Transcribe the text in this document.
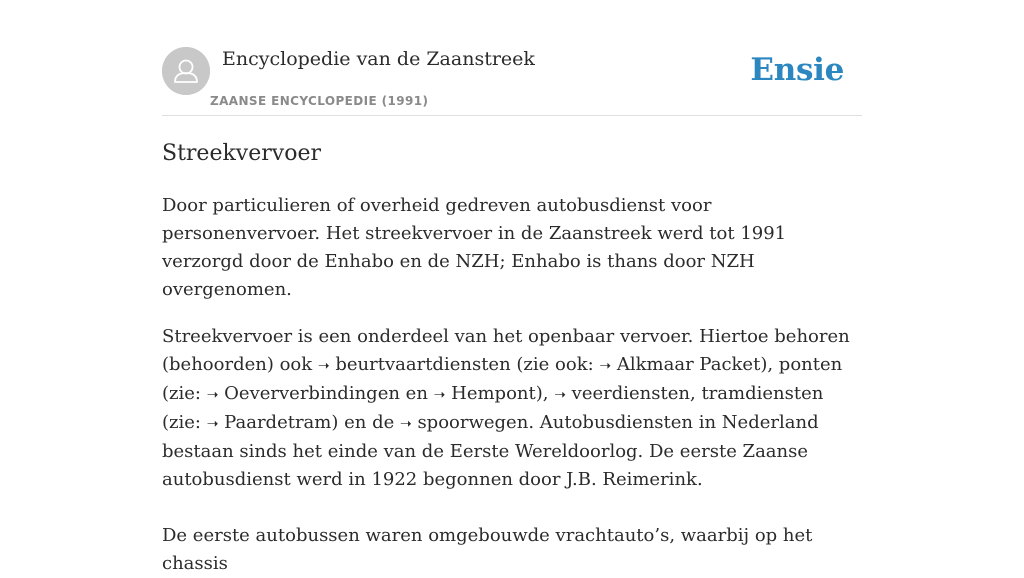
Encyclopedie van de Zaanstreek
ZAANSE ENCYCLOPEDIE (1991)
Ensie
Streekvervoer

Door particulieren of overheid gedreven autobusdienst voor personenvervoer. Het streekvervoer in de Zaanstreek werd tot 1991 verzorgd door de Enhabo en de NZH; Enhabo is thans door NZH overgenomen.

Streekvervoer is een onderdeel van het openbaar vervoer. Hiertoe behoren (behoorden) ook ➝ beurtvaartdiensten (zie ook: ➝ Alkmaar Packet), ponten (zie: ➝ Oeververbindingen en ➝ Hempont), ➝ veerdiensten, tramdiensten (zie: ➝ Paardetram) en de ➝ spoorwegen. Autobusdiensten in Nederland bestaan sinds het einde van de Eerste Wereldoorlog. De eerste Zaanse autobusdienst werd in 1922 begonnen door J.B. Reimerink.

De eerste autobussen waren omgebouwde vrachtauto’s, waarbij op het chassis
